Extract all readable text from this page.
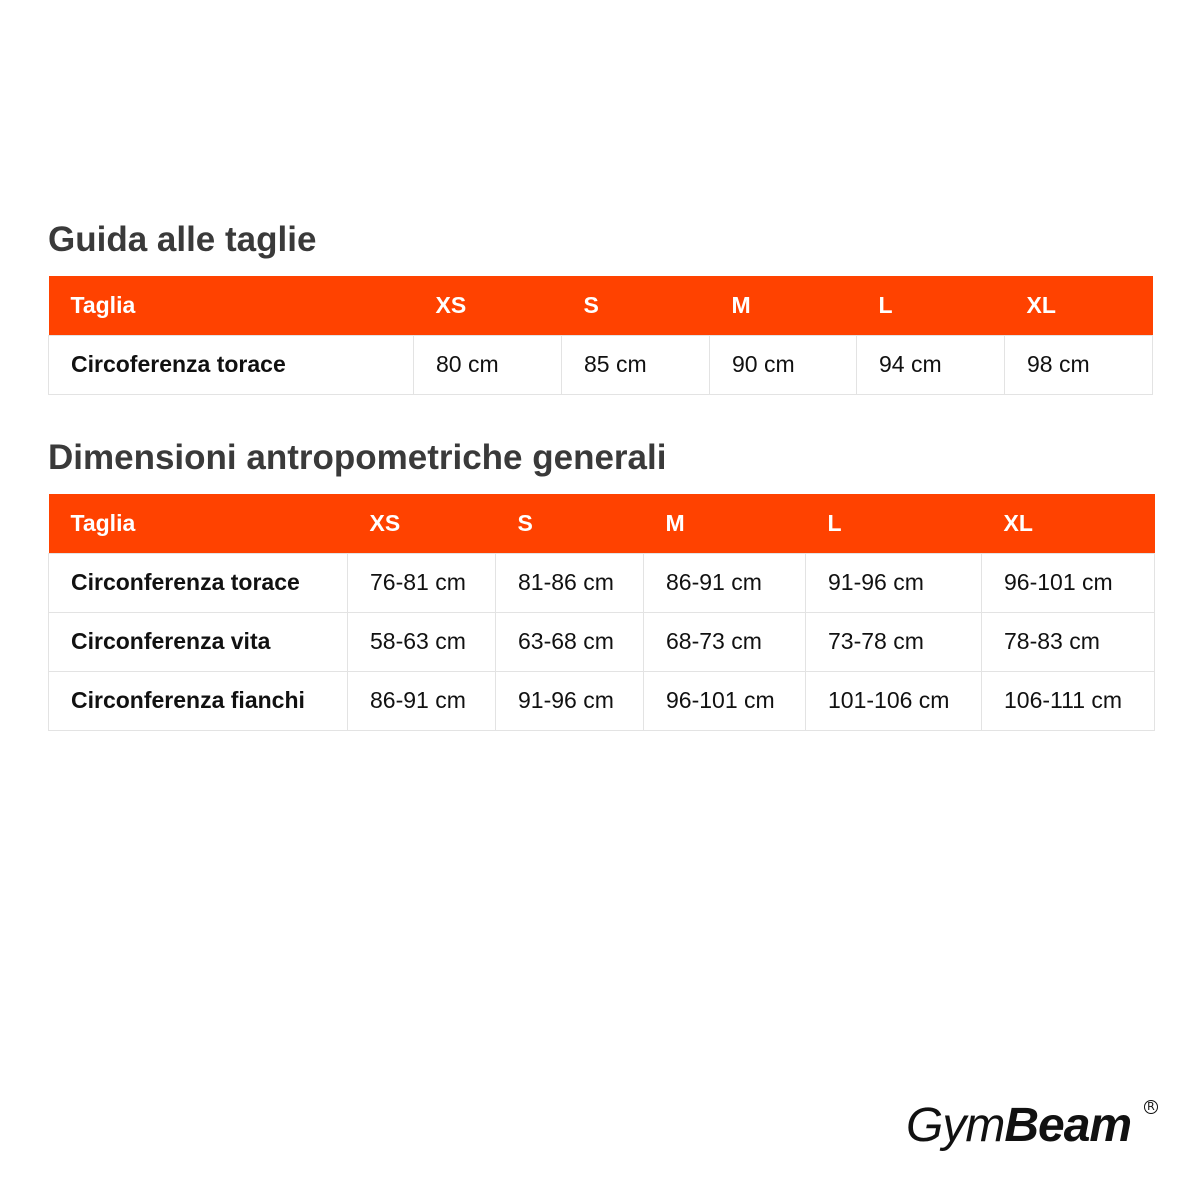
Guida alle taglie
Taglia	XS	S	M	L	XL
Circoferenza torace	80 cm	85 cm	90 cm	94 cm	98 cm
Dimensioni antropometriche generali
Taglia	XS	S	M	L	XL
Circonferenza torace	76-81 cm	81-86 cm	86-91 cm	91-96 cm	96-101 cm
Circonferenza vita	58-63 cm	63-68 cm	68-73 cm	73-78 cm	78-83 cm
Circonferenza fianchi	86-91 cm	91-96 cm	96-101 cm	101-106 cm	106-111 cm
GymBeam	R
